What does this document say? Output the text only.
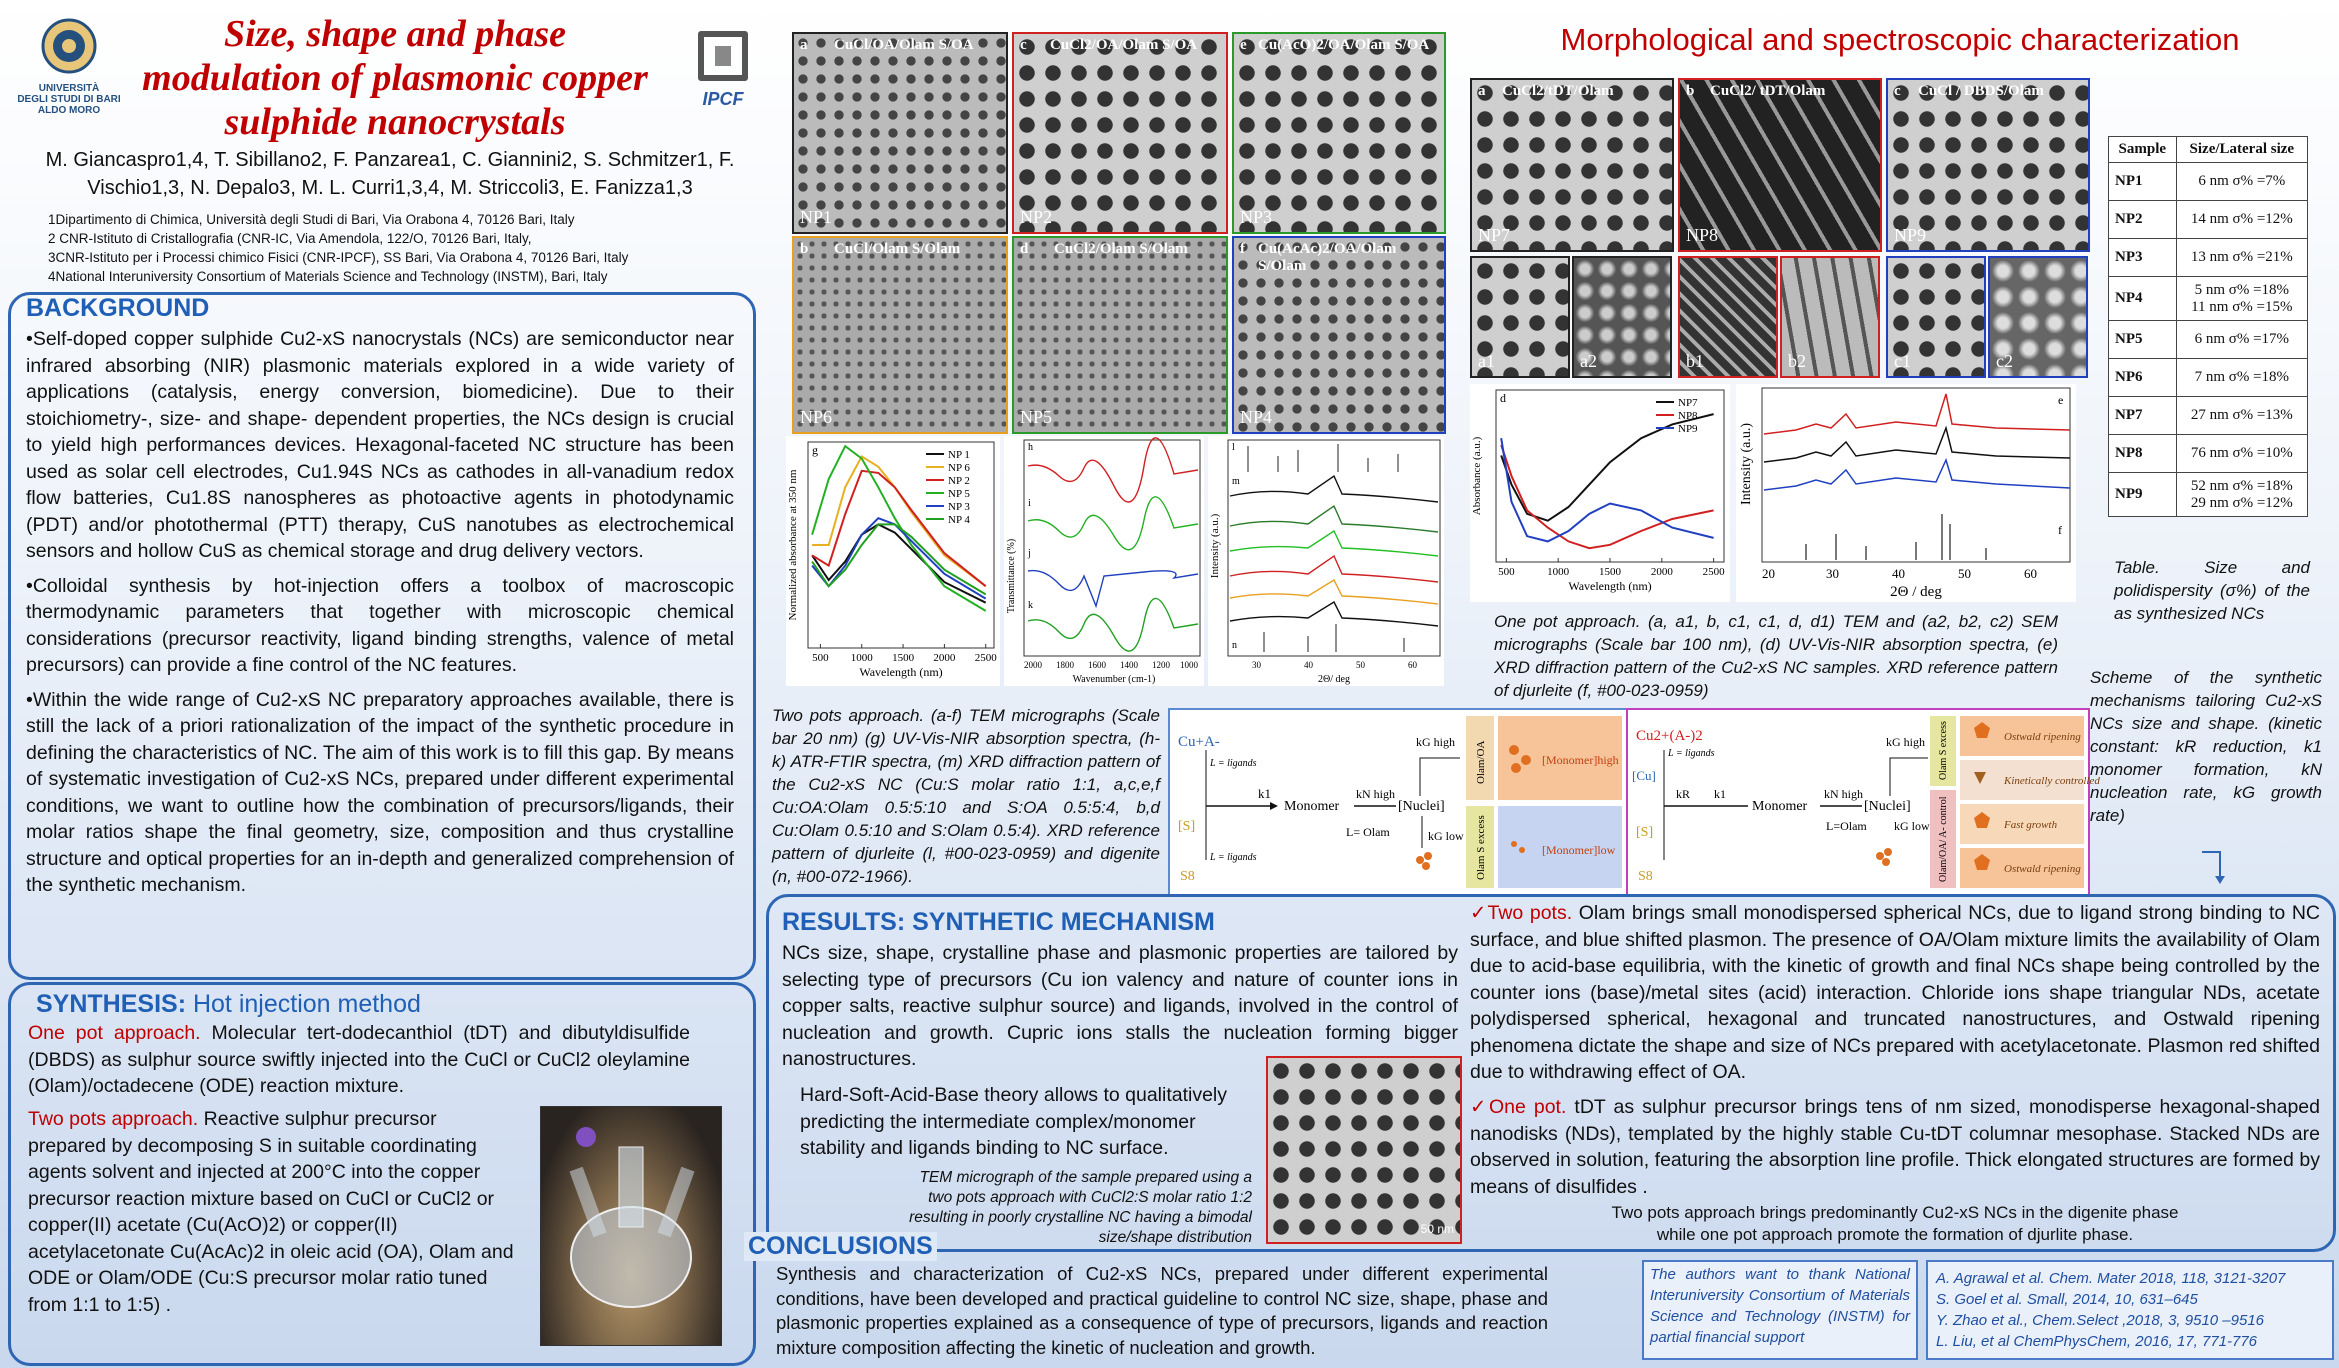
UNIVERSITÀ
DEGLI STUDI DI BARI
ALDO MORO
Size, shape and phase
modulation of plasmonic copper
sulphide nanocrystals
IPCF
M. Giancaspro1,4, T. Sibillano2, F. Panzarea1, C. Giannini2, S. Schmitzer1, F.
Vischio1,3, N. Depalo3, M. L. Curri1,3,4, M. Striccoli3, E. Fanizza1,3
1Dipartimento di Chimica, Università degli Studi di Bari, Via Orabona 4, 70126 Bari, Italy
2 CNR-Istituto di Cristallografia (CNR-IC, Via Amendola, 122/O, 70126 Bari, Italy,
3CNR-Istituto per i Processi chimico Fisici (CNR-IPCF), SS Bari, Via Orabona 4, 70126 Bari, Italy
4National Interuniversity Consortium of Materials Science and Technology (INSTM), Bari, Italy
BACKGROUND
•Self-doped copper sulphide Cu2-xS nanocrystals (NCs) are semiconductor near infrared absorbing (NIR) plasmonic materials explored in a wide variety of applications (catalysis, energy conversion, biomedicine). Due to their stoichiometry-, size- and shape- dependent properties, the NCs design is crucial to yield high performances devices. Hexagonal-faceted NC structure has been used as solar cell electrodes, Cu1.94S NCs as cathodes in all-vanadium redox flow batteries, Cu1.8S nanospheres as photoactive agents in photodynamic (PDT) and/or photothermal (PTT) therapy, CuS nanotubes as electrochemical sensors and hollow CuS as chemical storage and drug delivery vectors.
•Colloidal synthesis by hot-injection offers a toolbox of macroscopic thermodynamic parameters that together with microscopic chemical considerations (precursor reactivity, ligand binding strengths, valence of metal precursors) can provide a fine control of the NC features.
•Within the wide range of Cu2-xS NC preparatory approaches available, there is still the lack of a priori rationalization of the impact of the synthetic procedure in defining the characteristics of NC. The aim of this work is to fill this gap. By means of systematic investigation of Cu2-xS NCs, prepared under different experimental conditions, we want to outline how the combination of precursors/ligands, their molar ratios shape the final geometry, size, composition and thus crystalline structure and optical properties for an in-depth and generalized comprehension of the synthetic mechanism.
SYNTHESIS: Hot injection method
One pot approach. Molecular tert-dodecanthiol (tDT) and dibutyldisulfide (DBDS) as sulphur source swiftly injected into the CuCl or CuCl2 oleylamine (Olam)/octadecene (ODE) reaction mixture.
Two pots approach. Reactive sulphur precursor prepared by decomposing S in suitable coordinating agents solvent and injected at 200°C into the copper precursor reaction mixture based on CuCl or CuCl2 or copper(II) acetate (Cu(AcO)2) or copper(II) acetylacetonate Cu(AcAc)2 in oleic acid (OA), Olam and ODE or Olam/ODE (Cu:S precursor molar ratio tuned from 1:1 to 1:5) .
a CuCl/OA/Olam S/OA
NP1
c CuCl2/OA/Olam S/OA
NP2
e Cu(AcO)2/OA/Olam S/OA
NP3
b CuCl/Olam S/Olam
NP6
d CuCl2/Olam S/Olam
NP5
f Cu(AcAc)2/OA/Olam S/Olam
NP4
NP 1
NP 6
NP 2
NP 5
NP 3
NP 4
500 1000 1500 2000 2500
Wavelength (nm)
Normalized absorbance at 350 nm
g
Transmittance (%)
h
i
j
k
2000 1800 1600 1400 1200 1000
Wavenumber (cm-1)
Intensity (a.u.)
l
m
n
30	40	50	60
2Θ/ deg
Morphological and spectroscopic characterization
a CuCl2/tDT/Olam
NP7
b CuCl2/ tDT/Olam
NP8
c CuCl / DBDS/Olam
NP9
a1	a2	b1	b2	c1	c2
NP7
NP8
NP9
500	1000	1500	2000	2500
Wavelength (nm)
Absorbance (a.u.)
d
Intensity (a.u.)
e
f
20	30	40	50	60
2Θ / deg
Sample	Size/Lateral size
NP1	6 nm σ% =7%
NP2	14 nm σ% =12%
NP3	13 nm σ% =21%
NP4	5 nm σ% =18%
11 nm σ% =15%
NP5	6 nm σ% =17%
NP6	7 nm σ% =18%
NP7	27 nm σ% =13%
NP8	76 nm σ% =10%
NP9	52 nm σ% =18%
29 nm σ% =12%
Table. Size and polidispersity (σ%) of the as synthesized NCs
One pot approach. (a, a1, b, c1, c1, d, d1) TEM and (a2, b2, c2) SEM micrographs (Scale bar 100 nm), (d) UV-Vis-NIR absorption spectra, (e) XRD diffraction pattern of the Cu2-xS NC samples. XRD reference pattern of djurleite (f, #00-023-0959)
Two pots approach. (a-f) TEM micrographs (Scale bar 20 nm) (g) UV-Vis-NIR absorption spectra, (h-k) ATR-FTIR spectra, (m) XRD diffraction pattern of the Cu2-xS NC (Cu:S molar ratio 1:1, a,c,e,f Cu:OA:Olam 0.5:5:10 and S:OA 0.5:5:4, b,d Cu:Olam 0.5:10 and S:Olam 0.5:4). XRD reference pattern of djurleite (l, #00-023-0959) and digenite (n, #00-072-1966).
Scheme of the synthetic mechanisms tailoring Cu2-xS NCs size and shape. (kinetic constant: kR reduction, k1 monomer formation, kN nucleation rate, kG growth rate)
Cu+A-
L = ligands
k1
[S]
S8
L = ligands
Monomer
kN high
[Nuclei]
kG high
L= Olam	kG low
Olam/OA
Olam S excess
[Monomer]high
[Monomer]low
Cu2+(A-)2
[Cu]
L = ligands
kR k1
[S]
S8
Monomer
kN high
[Nuclei]
kG high
L=Olam kG low
Olam S excess
Olam/OA/ A- control
Ostwald ripening
Kinetically controlled
Fast growth
Ostwald ripening
RESULTS: SYNTHETIC MECHANISM
NCs size, shape, crystalline phase and plasmonic properties are tailored by selecting type of precursors (Cu ion valency and nature of counter ions in copper salts, reactive sulphur source) and ligands, involved in the control of nucleation and growth. Cupric ions stalls the nucleation forming bigger nanostructures.
Hard-Soft-Acid-Base theory allows to qualitatively predicting the intermediate complex/monomer stability and ligands binding to NC surface.
TEM micrograph of the sample prepared using a two pots approach with CuCl2:S molar ratio 1:2 resulting in poorly crystalline NC having a bimodal size/shape distribution	50 nm
✓Two pots. Olam brings small monodispersed spherical NCs, due to ligand strong binding to NC surface, and blue shifted plasmon. The presence of OA/Olam mixture limits the availability of Olam due to acid-base equilibria, with the kinetic of growth and final NCs shape being controlled by the counter ions (base)/metal sites (acid) interaction. Chloride ions shape triangular NDs, acetate polydispersed spherical, hexagonal and truncated nanostructures, and Ostwald ripening phenomena dictate the shape and size of NCs prepared with acetylacetonate. Plasmon red shifted due to withdrawing effect of OA.
✓One pot. tDT as sulphur precursor brings tens of nm sized, monodisperse hexagonal-shaped nanodisks (NDs), templated by the highly stable Cu-tDT columnar mesophase. Stacked NDs are observed in solution, featuring the absorption line profile. Thick elongated structures are formed by means of disulfides .
Two pots approach brings predominantly Cu2-xS NCs in the digenite phase
while one pot approach promote the formation of djurlite phase.
CONCLUSIONS
Synthesis and characterization of Cu2-xS NCs, prepared under different experimental conditions, have been developed and practical guideline to control NC size, shape, phase and plasmonic properties explained as a consequence of type of precursors, ligands and reaction mixture composition affecting the kinetic of nucleation and growth.
The authors want to thank National Interuniversity Consortium of Materials Science and Technology (INSTM) for partial financial support
A. Agrawal et al. Chem. Mater 2018, 118, 3121-3207
S. Goel et al. Small, 2014, 10, 631–645
Y. Zhao et al., Chem.Select ,2018, 3, 9510 –9516
L. Liu, et al ChemPhysChem, 2016, 17, 771-776
